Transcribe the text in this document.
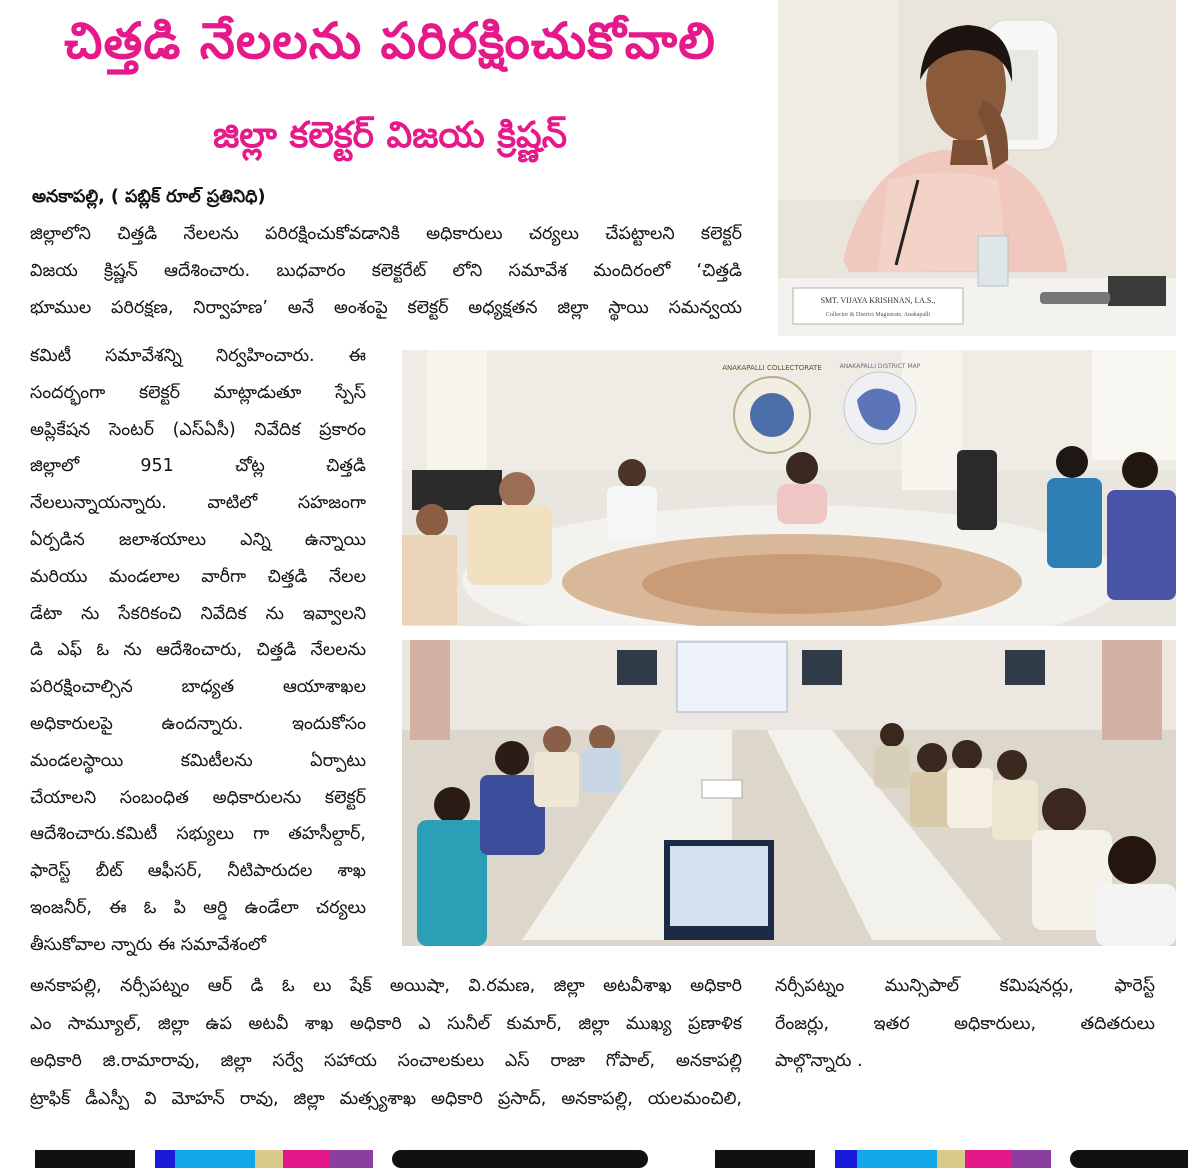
చిత్తడి నేలలను పరిరక్షించుకోవాలి
జిల్లా కలెక్టర్ విజయ క్రిష్ణన్
అనకాపల్లి, ( పబ్లిక్ రూల్ ప్రతినిధి)
జిల్లాలోని చిత్తడి నేలలను పరిరక్షించుకోవడానికి అధికారులు చర్యలు చేపట్టాలని కలెక్టర్
విజయ క్రిష్ణన్ ఆదేశించారు. బుధవారం కలెక్టరేట్ లోని సమావేశ మందిరంలో ‘చిత్తడి
భూముల పరిరక్షణ, నిర్వాహణ’ అనే అంశంపై కలెక్టర్ అధ్యక్షతన జిల్లా స్థాయి సమన్వయ
కమిటీ సమావేశన్ని నిర్వహించారు. ఈ
సందర్భంగా కలెక్టర్ మాట్లాడుతూ స్పేస్
అప్లికేషన సెంటర్ (ఎస్ఏసీ) నివేదిక ప్రకారం
జిల్లాలో 951 చోట్ల చిత్తడి
నేలలున్నాయన్నారు. వాటిలో సహజంగా
ఏర్పడిన జలాశయాలు ఎన్ని ఉన్నాయి
మరియు మండలాల వారీగా చిత్తడి నేలల
డేటా ను సేకరికంచి నివేదిక ను ఇవ్వాలని
డి ఎఫ్ ఓ ను ఆదేశించారు, చిత్తడి నేలలను
పరిరక్షించాల్సిన బాధ్యత ఆయాశాఖల
అధికారులపై ఉందన్నారు. ఇందుకోసం
మండలస్థాయి కమిటీలను ఏర్పాటు
చేయాలని సంబంధిత అధికారులను కలెక్టర్
ఆదేశించారు.కమిటీ సభ్యులు గా తహసీల్దార్,
ఫారెస్ట్ బీట్ ఆఫీసర్, నీటిపారుదల శాఖ
ఇంజనీర్, ఈ ఓ పి ఆర్డి ఉండేలా చర్యలు
తీసుకోవాల న్నారు ఈ సమావేశంలో
అనకాపల్లి, నర్సీపట్నం ఆర్ డి ఓ లు షేక్ అయిషా, వి.రమణ, జిల్లా అటవీశాఖ అధికారి
ఎం సామ్యూల్, జిల్లా ఉప అటవీ శాఖ అధికారి ఎ సునీల్ కుమార్, జిల్లా ముఖ్య ప్రణాళిక
అధికారి జి.రామారావు, జిల్లా సర్వే సహాయ సంచాలకులు ఎస్ రాజా గోపాల్, అనకాపల్లి
ట్రాఫిక్ డీఎస్పీ వి మోహన్ రావు, జిల్లా మత్స్యశాఖ అధికారి ప్రసాద్, అనకాపల్లి, యలమంచిలి,
నర్సీపట్నం మున్సిపాల్ కమిషనర్లు, ఫారెస్ట్
రేంజర్లు, ఇతర అధికారులు, తదితరులు
పాల్గొన్నారు .
SMT. VIJAYA KRISHNAN, I.A.S.,
Collector & District Magistrate, Anakapalli
ANAKAPALLI COLLECTORATE	ANAKAPALLI DISTRICT MAP
